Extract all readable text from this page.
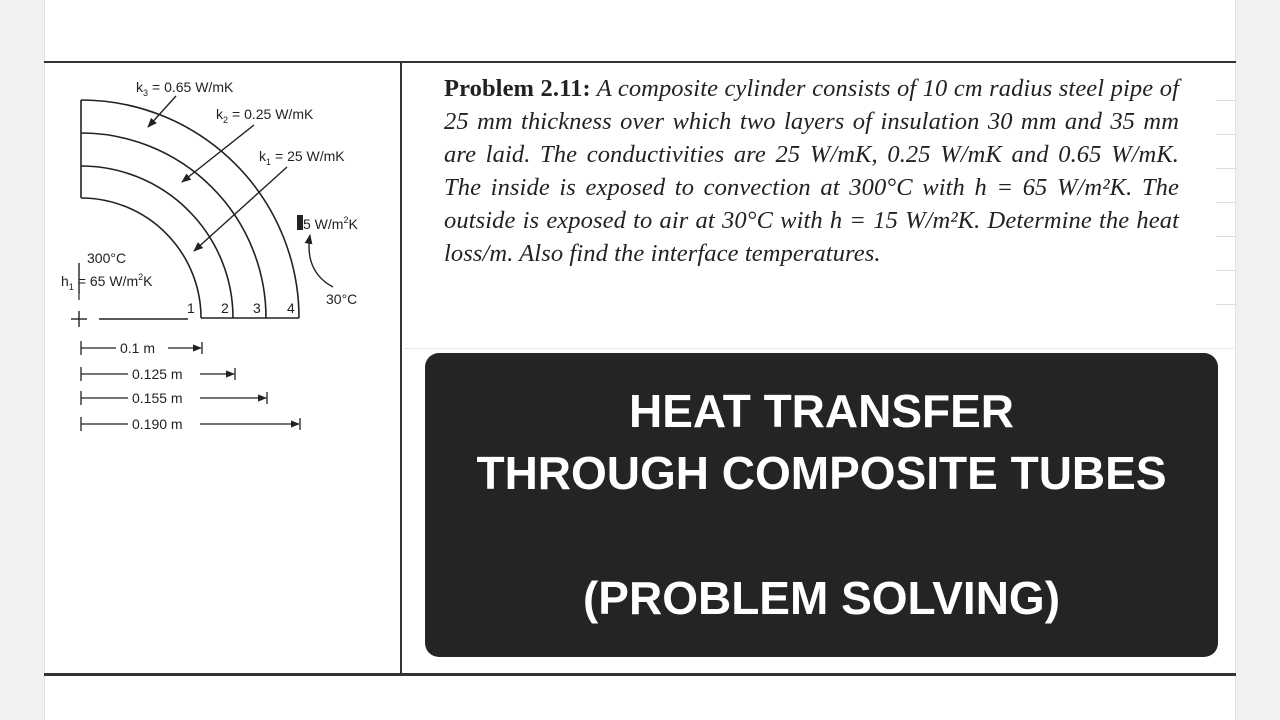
$k_3 = 0.65$ W/mK
$k_2 = 0.25$ W/mK
$k_1 = 25$ W/mK
5 $W/m^2K$
30°C
300°C
$h_1 = 65$ $W/m^2K$
1 2 3 4
0.1 m
0.125 m
0.155 m
0.190 m
Problem 2.11: A composite cylinder consists of 10 cm radius steel pipe of 25 mm thickness over which two layers of insulation 30 mm and 35 mm are laid. The conductivities are 25 W/mK, 0.25 W/mK and 0.65 W/mK. The inside is exposed to convection at 300°C with h = 65 W/m²K. The outside is exposed to air at 30°C with h = 15 W/m²K. Determine the heat loss/m. Also find the interface temperatures.
HEAT TRANSFER
THROUGH COMPOSITE TUBES
(PROBLEM SOLVING)
